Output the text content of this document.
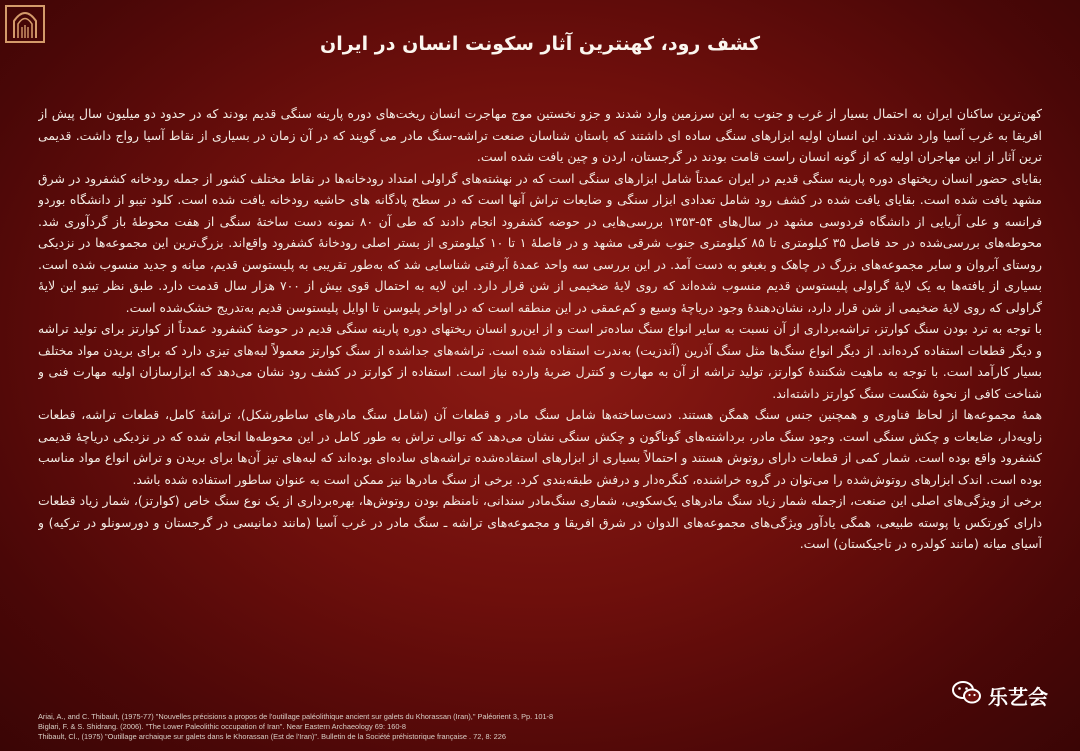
کشف رود، کهنترین آثار سکونت انسان در ایران

کهن‌ترین ساکنان ایران به احتمال بسیار از غرب و جنوب به این سرزمین وارد شدند و جزو نخستین موج مهاجرت انسان ریخت‌های دوره پارینه سنگی قدیم بودند که در حدود دو میلیون سال پیش از افریقا به غرب آسیا وارد شدند. این انسان اولیه ابزارهای سنگی ساده ای داشتند که باستان شناسان صنعت تراشه-سنگ مادر می گویند که در آن زمان در بسیاری از نقاط آسیا رواج داشت. قدیمی ترین آثار از این مهاجران اولیه که از گونه انسان راست قامت بودند در گرجستان، اردن و چین یافت شده است.

بقایای حضور انسان ریختهای دوره پارینه سنگی قدیم در ایران عمدتاً شامل ابزارهای سنگی است که در نهشته‌های گراولی امتداد رودخانه‌ها در نقاط مختلف کشور از جمله رودخانه کشفرود در شرق مشهد یافت شده است. بقایای یافت شده در کشف رود شامل تعدادی ابزار سنگی و ضایعات تراش آنها است که در سطح پادگانه های حاشیه رودخانه یافت شده است. کلود تیبو از دانشگاه بوردو فرانسه و علی آریایی از دانشگاه فردوسی مشهد در سال‌های ۵۴-۱۳۵۳ بررسی‌هایی در حوضه کشفرود انجام دادند که طی آن ۸۰ نمونه دست ساختهٔ سنگی از هفت محوطهٔ باز گردآوری شد. محوطه‌های بررسی‌شده در حد فاصل ۳۵ کیلومتری تا ۸۵ کیلومتری جنوب شرقی مشهد و در فاصلهٔ ۱ تا ۱۰ کیلومتری از بستر اصلی رودخانهٔ کشفرود واقع‌اند. بزرگ‌ترین این مجموعه‌ها در نزدیکی روستای آبروان و سایر مجموعه‌های بزرگ در چاهک و بغبغو به دست آمد. در این بررسی سه واحد عمدهٔ آبرفتی شناسایی شد که به‌طور تقریبی به پلیستوسن قدیم، میانه و جدید منسوب شده است. بسیاری از یافته‌ها به یک لایهٔ گراولی پلیستوسن قدیم منسوب شده‌اند که روی لایهٔ ضخیمی از شن قرار دارد. این لایه به احتمال قوی بیش از ۷۰۰ هزار سال قدمت دارد. طبق نظر تیبو این لایهٔ گراولی که روی لایهٔ ضخیمی از شن قرار دارد، نشان‌دهندهٔ وجود دریاچهٔ وسیع و کم‌عمقی در این منطقه است که در اواخر پلیوسن تا اوایل پلیستوسن قدیم به‌تدریج خشک‌شده است.

با توجه به ترد بودن سنگ کوارتز، تراشه‌برداری از آن نسبت به سایر انواع سنگ ساده‌تر است و از این‌رو انسان ریختهای دوره پارینه سنگی قدیم در حوضهٔ کشفرود عمدتاً از کوارتز برای تولید تراشه و دیگر قطعات استفاده کرده‌اند. از دیگر انواع سنگ‌ها مثل سنگ آذرین (آندزیت) به‌ندرت استفاده شده است. تراشه‌های جداشده از سنگ کوارتز معمولاً لبه‌های تیزی دارد که برای بریدن مواد مختلف بسیار کارآمد است. با توجه به ماهیت شکنندهٔ کوارتز، تولید تراشه از آن به مهارت و کنترل ضربهٔ وارده نیاز است. استفاده از کوارتز در کشف رود نشان می‌دهد که ابزارسازان اولیه مهارت فنی و شناخت کافی از نحوهٔ شکست سنگ کوارتز داشته‌اند.

همهٔ مجموعه‌ها از لحاظ فناوری و همچنین جنس سنگ همگن هستند. دست‌ساخته‌ها شامل سنگ مادر و قطعات آن (شامل سنگ مادرهای ساطورشکل)، تراشهٔ کامل، قطعات تراشه، قطعات زاویه‌دار، ضایعات و چکش سنگی است. وجود سنگ مادر، برداشته‌های گوناگون و چکش سنگی نشان می‌دهد که توالی تراش به طور کامل در این محوطه‌ها انجام شده که در نزدیکی دریاچهٔ قدیمی کشفرود واقع بوده است. شمار کمی از قطعات دارای روتوش هستند و احتمالاً بسیاری از ابزارهای استفاده‌شده تراشه‌های ساده‌ای بوده‌اند که لبه‌های تیز آن‌ها برای بریدن و تراش انواع مواد مناسب بوده است. اندک ابزارهای روتوش‌شده را می‌توان در گروه خراشنده، کنگره‌دار و درفش طبقه‌بندی کرد. برخی از سنگ مادرها نیز ممکن است به عنوان ساطور استفاده شده باشد.

برخی از ویژگی‌های اصلی این صنعت، ازجمله شمار زیاد سنگ مادرهای یک‌سکویی، شماری سنگ‌مادر سندانی، نامنظم بودن روتوش‌ها، بهره‌برداری از یک نوع سنگ خاص (کوارتز)، شمار زیاد قطعات دارای کورتکس یا پوسته طبیعی، همگی یادآور ویژگی‌های مجموعه‌های الدوان در شرق افریقا و مجموعه‌های تراشه ـ سنگ مادر در غرب آسیا (مانند دمانیسی در گرجستان و دورسونلو در ترکیه) و آسیای میانه (مانند کولدره در تاجیکستان) است.

Ariai, A., and C. Thibault, (1975-77) "Nouvelles précisions a propos de l'outillage paléolithique ancient sur galets du Khorassan (Iran)," Paléorient 3, Pp. 101-8
Biglari, F. & S. Shidrang. (2006). "The Lower Paleolithic occupation of Iran". Near Eastern Archaeology 69: 160-8
Thibault, Cl., (1975) "Outillage archaique sur galets dans le Khorassan (Est de l'Iran)". Bulletin de la Société préhistorique française . 72, 8: 226
乐艺会
